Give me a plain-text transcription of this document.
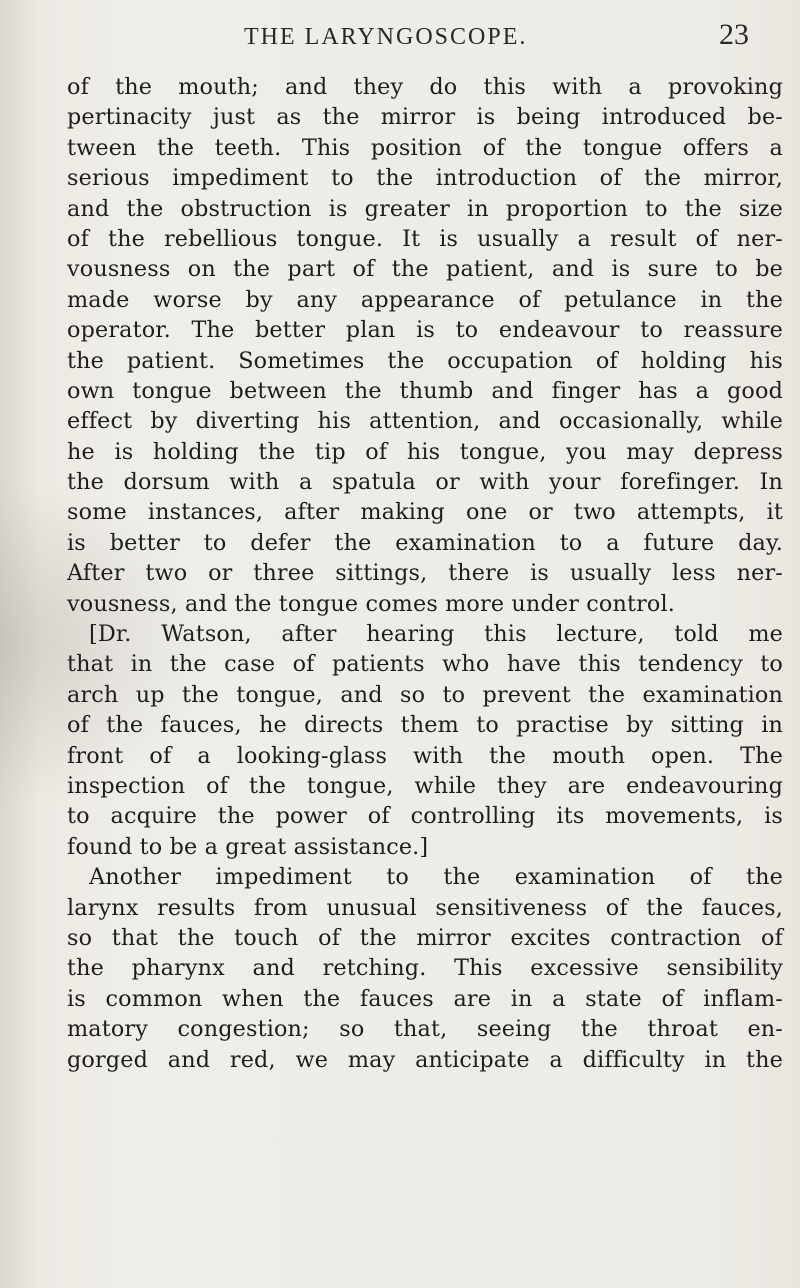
THE LARYNGOSCOPE.	23
of the mouth; and they do this with a provoking
pertinacity just as the mirror is being introduced be-
tween the teeth. This position of the tongue offers a
serious impediment to the introduction of the mirror,
and the obstruction is greater in proportion to the size
of the rebellious tongue. It is usually a result of ner-
vousness on the part of the patient, and is sure to be
made worse by any appearance of petulance in the
operator. The better plan is to endeavour to reassure
the patient. Sometimes the occupation of holding his
own tongue between the thumb and finger has a good
effect by diverting his attention, and occasionally, while
he is holding the tip of his tongue, you may depress
the dorsum with a spatula or with your forefinger. In
some instances, after making one or two attempts, it
is better to defer the examination to a future day.
After two or three sittings, there is usually less ner-
vousness, and the tongue comes more under control.
[Dr. Watson, after hearing this lecture, told me
that in the case of patients who have this tendency to
arch up the tongue, and so to prevent the examination
of the fauces, he directs them to practise by sitting in
front of a looking-glass with the mouth open. The
inspection of the tongue, while they are endeavouring
to acquire the power of controlling its movements, is
found to be a great assistance.]
Another impediment to the examination of the
larynx results from unusual sensitiveness of the fauces,
so that the touch of the mirror excites contraction of
the pharynx and retching. This excessive sensibility
is common when the fauces are in a state of inflam-
matory congestion; so that, seeing the throat en-
gorged and red, we may anticipate a difficulty in the
